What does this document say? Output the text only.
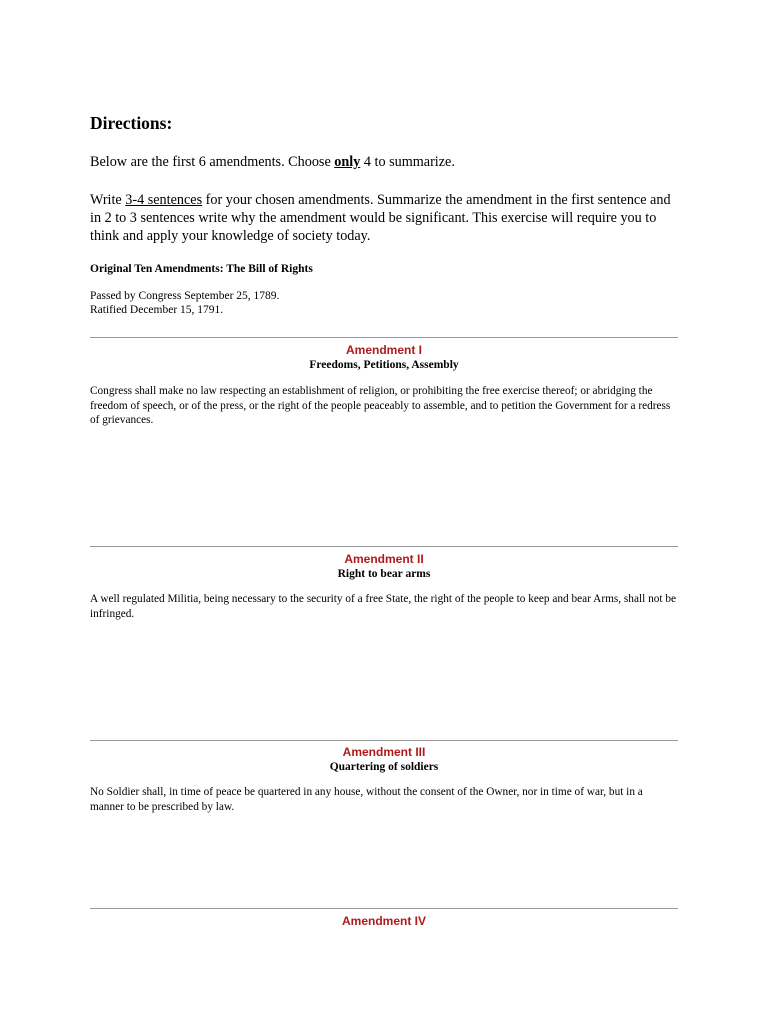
Directions:

Below are the first 6 amendments. Choose only 4 to summarize.

Write 3-4 sentences for your chosen amendments. Summarize the amendment in the first sentence and in 2 to 3 sentences write why the amendment would be significant. This exercise will require you to think and apply your knowledge of society today.

Original Ten Amendments: The Bill of Rights

Passed by Congress September 25, 1789.
Ratified December 15, 1791.

Amendment I

Freedoms, Petitions, Assembly

Congress shall make no law respecting an establishment of religion, or prohibiting the free exercise thereof; or abridging the freedom of speech, or of the press, or the right of the people peaceably to assemble, and to petition the Government for a redress of grievances.

Amendment II

Right to bear arms

A well regulated Militia, being necessary to the security of a free State, the right of the people to keep and bear Arms, shall not be infringed.

Amendment III

Quartering of soldiers

No Soldier shall, in time of peace be quartered in any house, without the consent of the Owner, nor in time of war, but in a manner to be prescribed by law.

Amendment IV
